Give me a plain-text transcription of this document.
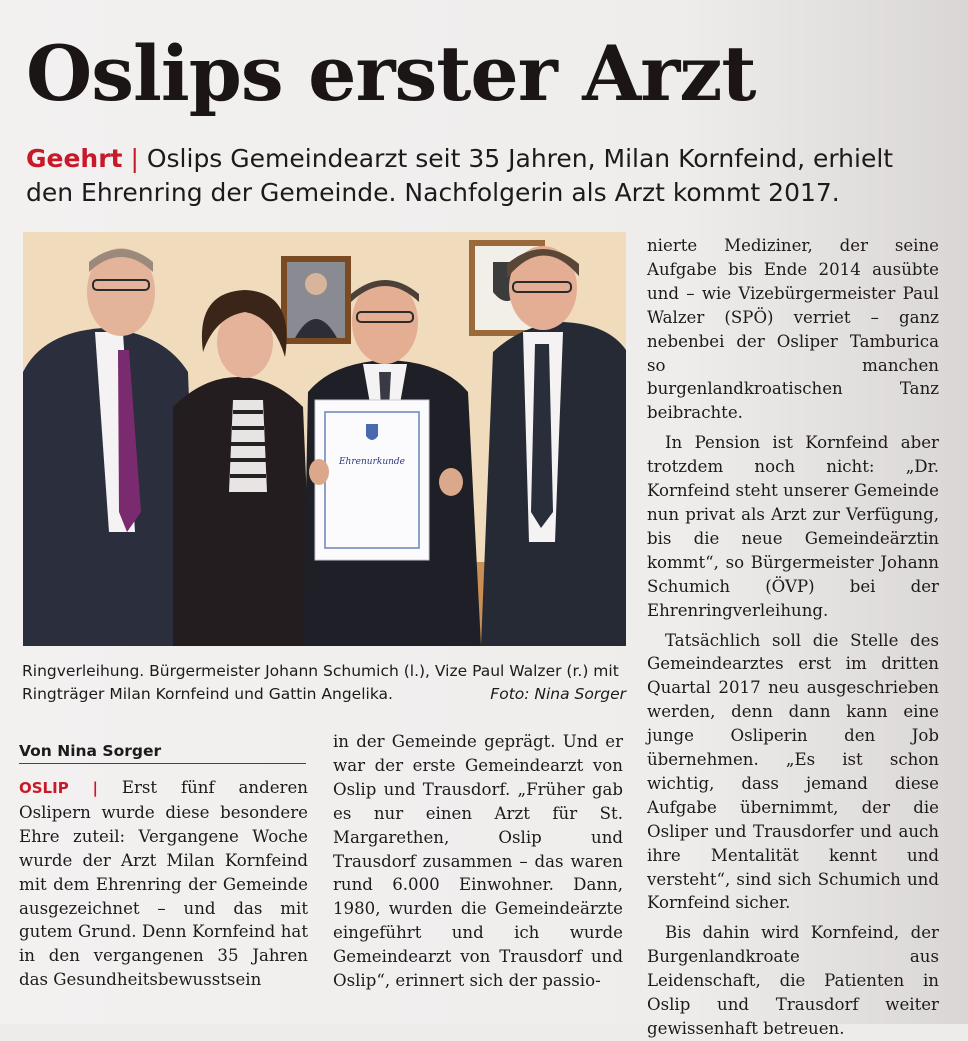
Oslips erster Arzt
Geehrt | Oslips Gemeindearzt seit 35 Jahren, Milan Kornfeind, erhielt den Ehrenring der Gemeinde. Nachfolgerin als Arzt kommt 2017.
Ehrenurkunde
Ringverleihung. Bürgermeister Johann Schumich (l.), Vize Paul Walzer (r.) mit Ringträger Milan Kornfeind und Gattin Angelika.	Foto: Nina Sorger
Von Nina Sorger

OSLIP | Erst fünf anderen Oslipern wurde diese besondere Ehre zuteil: Vergangene Woche wurde der Arzt Milan Kornfeind mit dem Ehrenring der Gemeinde ausgezeichnet – und das mit gutem Grund. Denn Kornfeind hat in den vergangenen 35 Jahren das Gesundheitsbewusstsein

in der Gemeinde geprägt. Und er war der erste Gemeindearzt von Oslip und Trausdorf. „Früher gab es nur einen Arzt für St. Margarethen, Oslip und Trausdorf zusammen – das waren rund 6.000 Einwohner. Dann, 1980, wurden die Gemeindeärzte eingeführt und ich wurde Gemeindearzt von Trausdorf und Oslip“, erinnert sich der passio-

nierte Mediziner, der seine Aufgabe bis Ende 2014 ausübte und – wie Vizebürgermeister Paul Walzer (SPÖ) verriet – ganz nebenbei der Osliper Tamburica so manchen burgenlandkroatischen Tanz beibrachte.

In Pension ist Kornfeind aber trotzdem noch nicht: „Dr. Kornfeind steht unserer Gemeinde nun privat als Arzt zur Verfügung, bis die neue Gemeindeärztin kommt“, so Bürgermeister Johann Schumich (ÖVP) bei der Ehrenringverleihung.

Tatsächlich soll die Stelle des Gemeindearztes erst im dritten Quartal 2017 neu ausgeschrieben werden, denn dann kann eine junge Osliperin den Job übernehmen. „Es ist schon wichtig, dass jemand diese Aufgabe übernimmt, der die Osliper und Trausdorfer und auch ihre Mentalität kennt und versteht“, sind sich Schumich und Kornfeind sicher.

Bis dahin wird Kornfeind, der Burgenlandkroate aus Leidenschaft, die Patienten in Oslip und Trausdorf weiter gewissenhaft betreuen.
